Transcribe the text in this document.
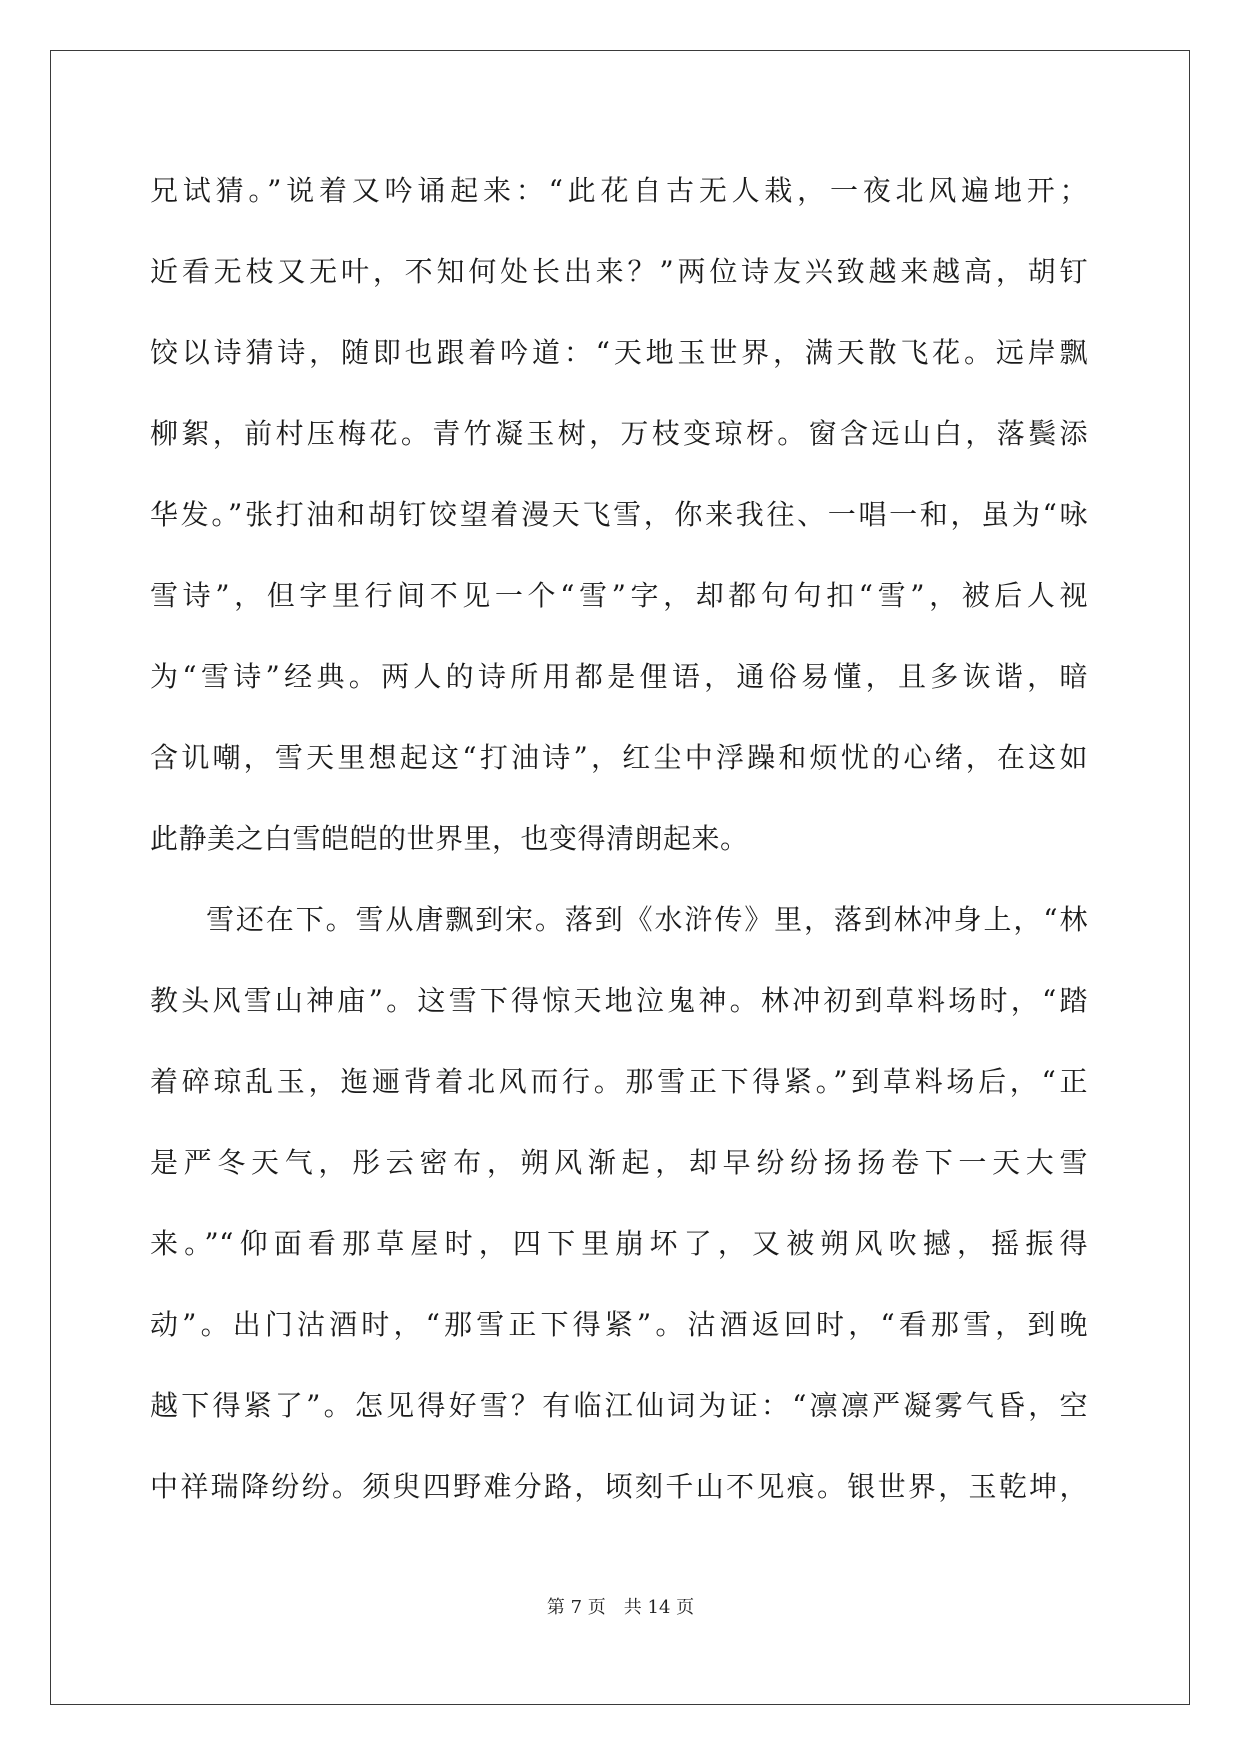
兄试猜。”说着又吟诵起来：“此花自古无人栽，一夜北风遍地开；
近看无枝又无叶，不知何处长出来？”两位诗友兴致越来越高，胡钉
饺以诗猜诗，随即也跟着吟道：“天地玉世界，满天散飞花。远岸飘
柳絮，前村压梅花。青竹凝玉树，万枝变琼枒。窗含远山白，落鬓添
华发。”张打油和胡钉饺望着漫天飞雪，你来我往、一唱一和，虽为“咏
雪诗”，但字里行间不见一个“雪”字，却都句句扣“雪”，被后人视
为“雪诗”经典。两人的诗所用都是俚语，通俗易懂，且多诙谐，暗
含讥嘲，雪天里想起这“打油诗”，红尘中浮躁和烦忧的心绪，在这如
此静美之白雪皑皑的世界里，也变得清朗起来。
雪还在下。雪从唐飘到宋。落到《水浒传》里，落到林冲身上，“林
教头风雪山神庙”。这雪下得惊天地泣鬼神。林冲初到草料场时，“踏
着碎琼乱玉，迤逦背着北风而行。那雪正下得紧。”到草料场后，“正
是严冬天气，彤云密布，朔风渐起，却早纷纷扬扬卷下一天大雪
来。”“仰面看那草屋时，四下里崩坏了，又被朔风吹撼，摇振得
动”。出门沽酒时，“那雪正下得紧”。沽酒返回时，“看那雪，到晚
越下得紧了”。怎见得好雪？有临江仙词为证：“凛凛严凝雾气昏，空
中祥瑞降纷纷。须臾四野难分路，顷刻千山不见痕。银世界，玉乾坤，
第 7 页　共 14 页
